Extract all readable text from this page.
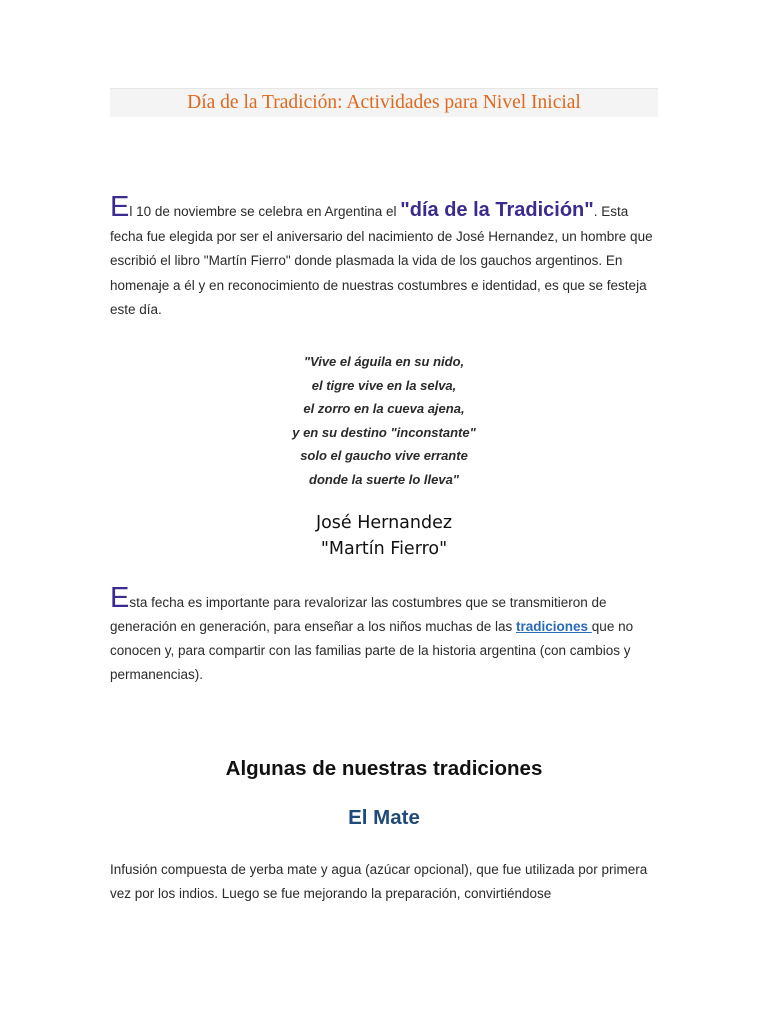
Día de la Tradición: Actividades para Nivel Inicial
El 10 de noviembre se celebra en Argentina el "día de la Tradición". Esta fecha fue elegida por ser el aniversario del nacimiento de José Hernandez, un hombre que escribió el libro "Martín Fierro" donde plasmada la vida de los gauchos argentinos. En homenaje a él y en reconocimiento de nuestras costumbres e identidad, es que se festeja este día.
"Vive el águila en su nido,
el tigre vive en la selva,
el zorro en la cueva ajena,
y en su destino "inconstante"
solo el gaucho vive errante
donde la suerte lo lleva"
José Hernandez
"Martín Fierro"
Esta fecha es importante para revalorizar las costumbres que se transmitieron de generación en generación, para enseñar a los niños muchas de las tradiciones que no conocen y, para compartir con las familias parte de la historia argentina (con cambios y permanencias).
Algunas de nuestras tradiciones
El Mate
Infusión compuesta de yerba mate y agua (azúcar opcional), que fue utilizada por primera vez por los indios. Luego se fue mejorando la preparación, convirtiéndose
